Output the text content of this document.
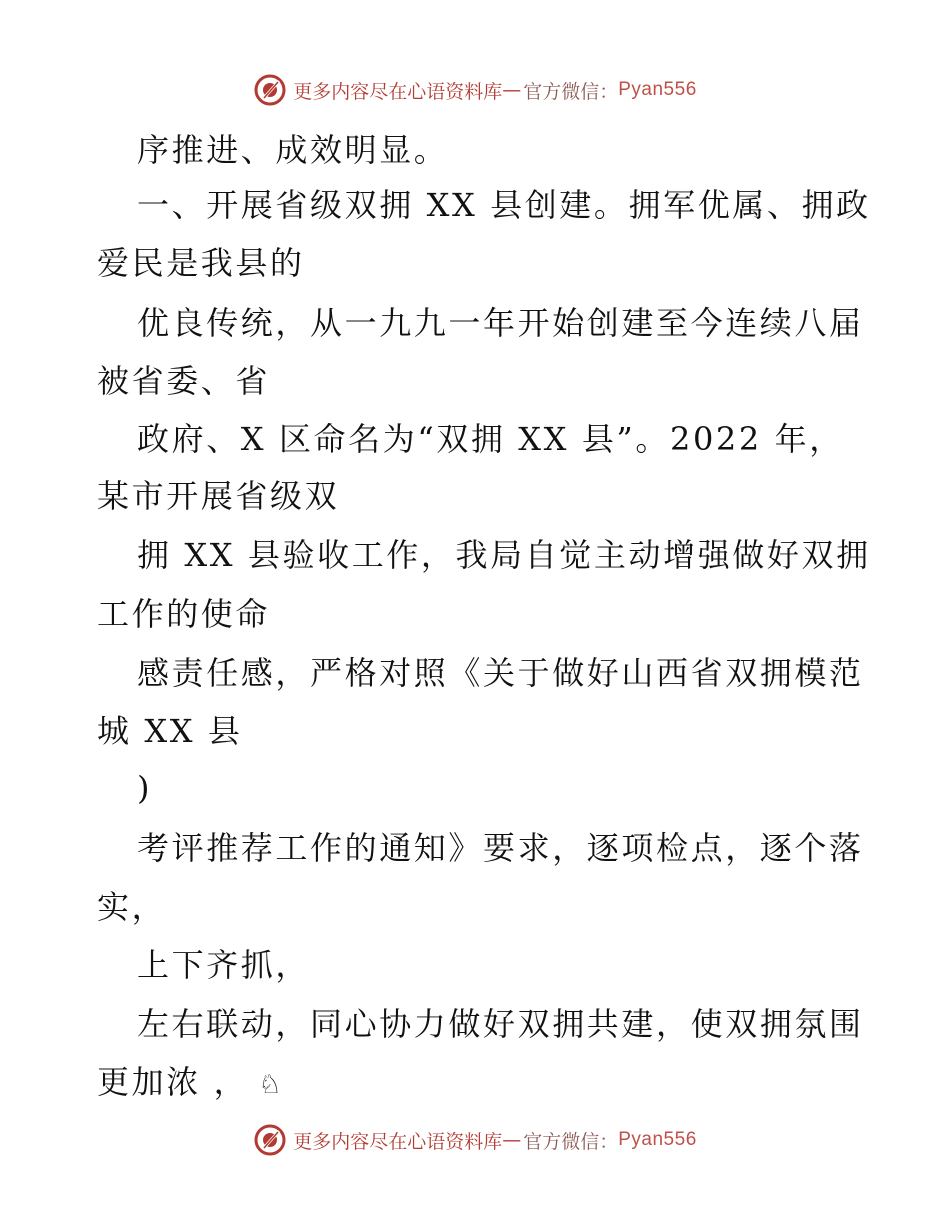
更多内容尽在心语资料库 — 官方微信： Pyan556
序推进、成效明显。
一、开展省级双拥 XX 县创建。拥军优属、拥政
爱民是我县的
优良传统，从一九九一年开始创建至今连续八届
被省委、省
政府、X 区命名为“双拥 XX 县”。2022 年，
某市开展省级双
拥 XX 县验收工作，我局自觉主动增强做好双拥
工作的使命
感责任感，严格对照《关于做好山西省双拥模范
城 XX 县
)
考评推荐工作的通知》要求，逐项检点，逐个落
实，
上下齐抓，
左右联动，同心协力做好双拥共建，使双拥氛围
更加浓 ， ♘
更多内容尽在心语资料库 — 官方微信： Pyan556
